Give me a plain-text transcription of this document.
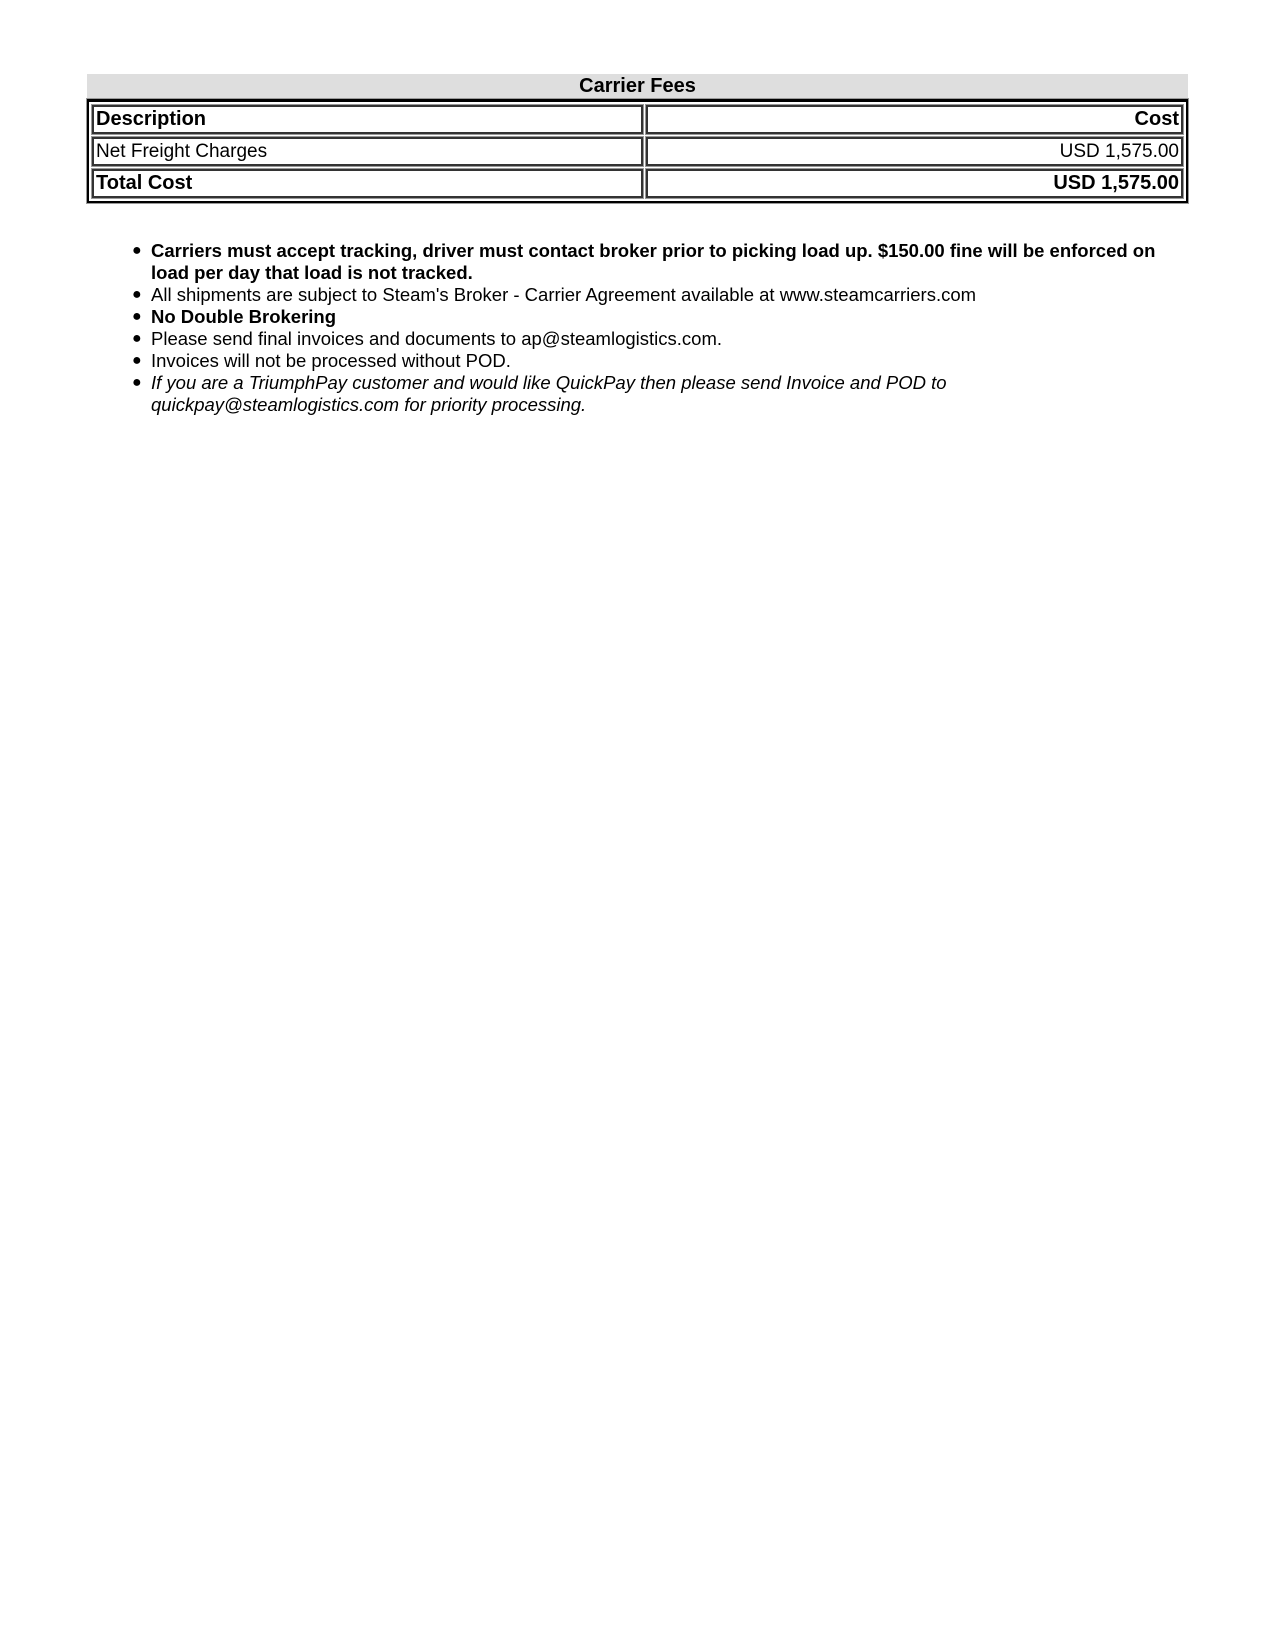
Carrier Fees
Description	Cost
Net Freight Charges	USD 1,575.00
Total Cost	USD 1,575.00
● Carriers must accept tracking, driver must contact broker prior to picking load up. $150.00 fine will be enforced on load per day that load is not tracked.
● All shipments are subject to Steam's Broker - Carrier Agreement available at www.steamcarriers.com
● No Double Brokering
● Please send final invoices and documents to ap@steamlogistics.com.
● Invoices will not be processed without POD.
● If you are a TriumphPay customer and would like QuickPay then please send Invoice and POD to quickpay@steamlogistics.com for priority processing.
